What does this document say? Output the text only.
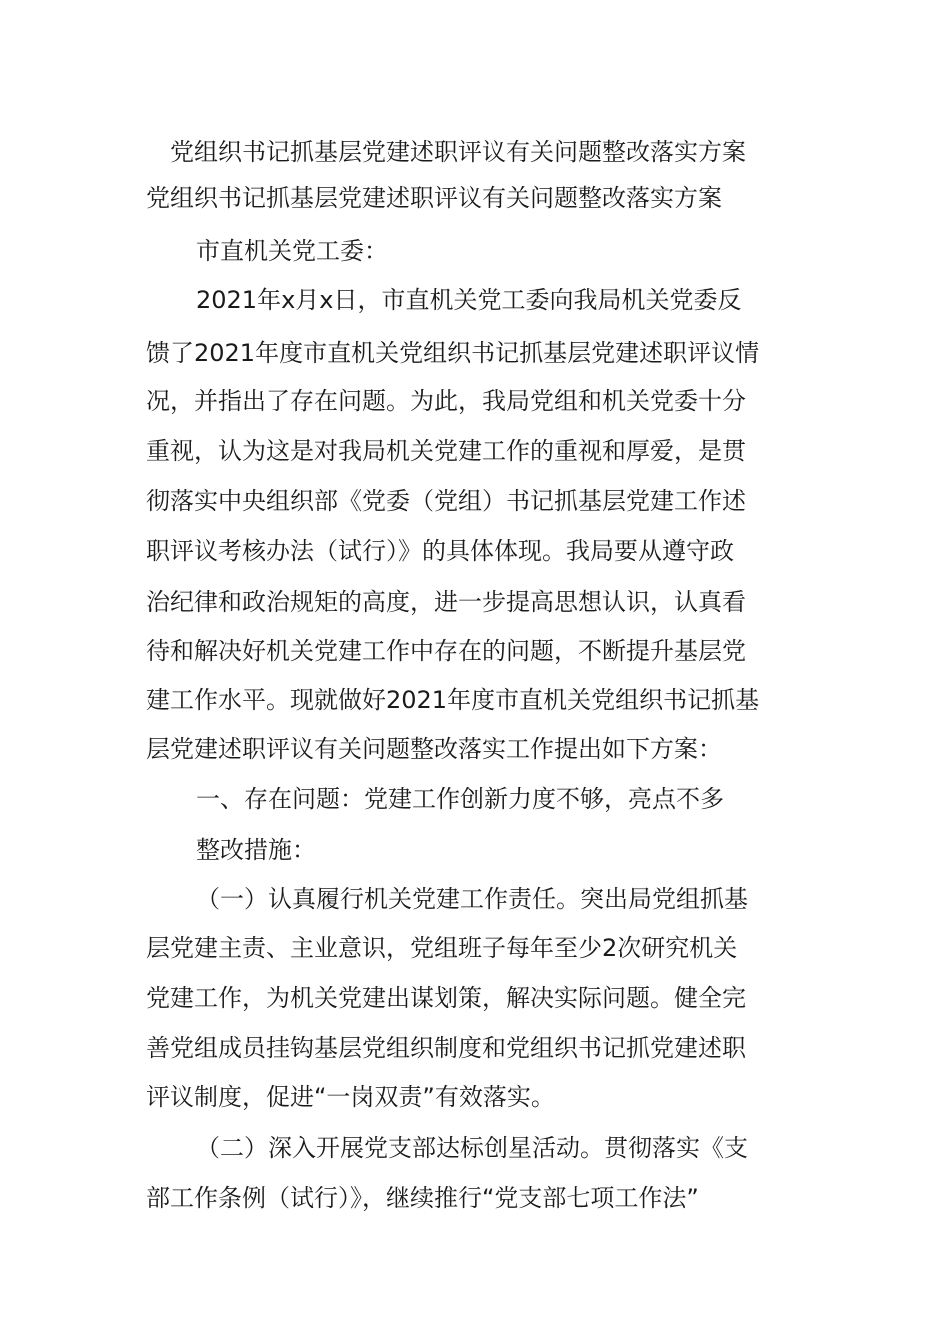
党组织书记抓基层党建述职评议有关问题整改落实方案

党组织书记抓基层党建述职评议有关问题整改落实方案

市直机关党工委：

2021年x月x日，市直机关党工委向我局机关党委反

馈了2021年度市直机关党组织书记抓基层党建述职评议情

况，并指出了存在问题。为此，我局党组和机关党委十分

重视，认为这是对我局机关党建工作的重视和厚爱，是贯

彻落实中央组织部《党委（党组）书记抓基层党建工作述

职评议考核办法（试行）》的具体体现。我局要从遵守政

治纪律和政治规矩的高度，进一步提高思想认识，认真看

待和解决好机关党建工作中存在的问题，不断提升基层党

建工作水平。现就做好2021年度市直机关党组织书记抓基

层党建述职评议有关问题整改落实工作提出如下方案：

一、存在问题：党建工作创新力度不够，亮点不多

整改措施：

（一）认真履行机关党建工作责任。突出局党组抓基

层党建主责、主业意识，党组班子每年至少2次研究机关

党建工作，为机关党建出谋划策，解决实际问题。健全完

善党组成员挂钩基层党组织制度和党组织书记抓党建述职

评议制度，促进“一岗双责”有效落实。

（二）深入开展党支部达标创星活动。贯彻落实《支

部工作条例（试行）》，继续推行“党支部七项工作法”
